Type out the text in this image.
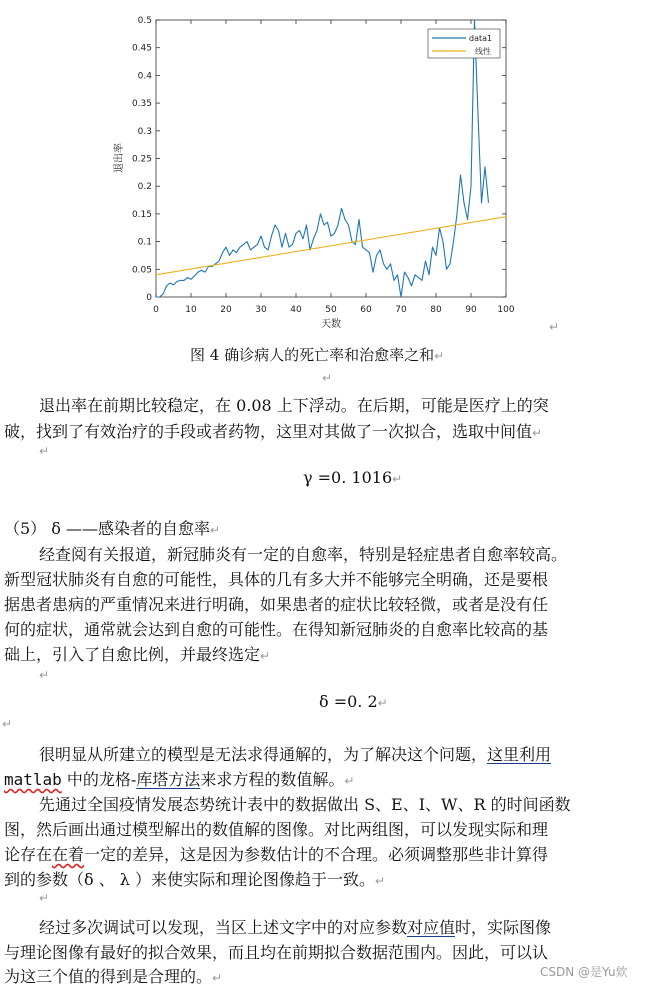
0	10	20	30	40	50	60	70	80	90 100
0
0.05
0.1
0.15
0.2
0.25
0.3
0.35
0.4
0.45
0.5
data1
线性
天数
退出率
↵
图 4 确诊病人的死亡率和治愈率之和↵
↵
退出率在前期比较稳定，在 0.08 上下浮动。在后期，可能是医疗上的突
破，找到了有效治疗的手段或者药物，这里对其做了一次拟合，选取中间值↵
↵
γ =0. 1016↵
（5） δ ——感染者的自愈率↵
经查阅有关报道，新冠肺炎有一定的自愈率，特别是轻症患者自愈率较高。
新型冠状肺炎有自愈的可能性，具体的几有多大并不能够完全明确，还是要根
据患者患病的严重情况来进行明确，如果患者的症状比较轻微，或者是没有任
何的症状，通常就会达到自愈的可能性。在得知新冠肺炎的自愈率比较高的基
础上，引入了自愈比例，并最终选定↵
↵
δ =0. 2↵
↵
很明显从所建立的模型是无法求得通解的，为了解决这个问题，这里利用
matlab 中的龙格-库塔方法来求方程的数值解。↵
先通过全国疫情发展态势统计表中的数据做出 S、E、I、W、R 的时间函数
图，然后画出通过模型解出的数值解的图像。对比两组图，可以发现实际和理
论存在在着一定的差异，这是因为参数估计的不合理。必须调整那些非计算得
到的参数（δ 、 λ ）来使实际和理论图像趋于一致。↵
↵
经过多次调试可以发现，当区上述文字中的对应参数对应值时，实际图像
与理论图像有最好的拟合效果，而且均在前期拟合数据范围内。因此，可以认
为这三个值的得到是合理的。↵	CSDN @是Yu欸
